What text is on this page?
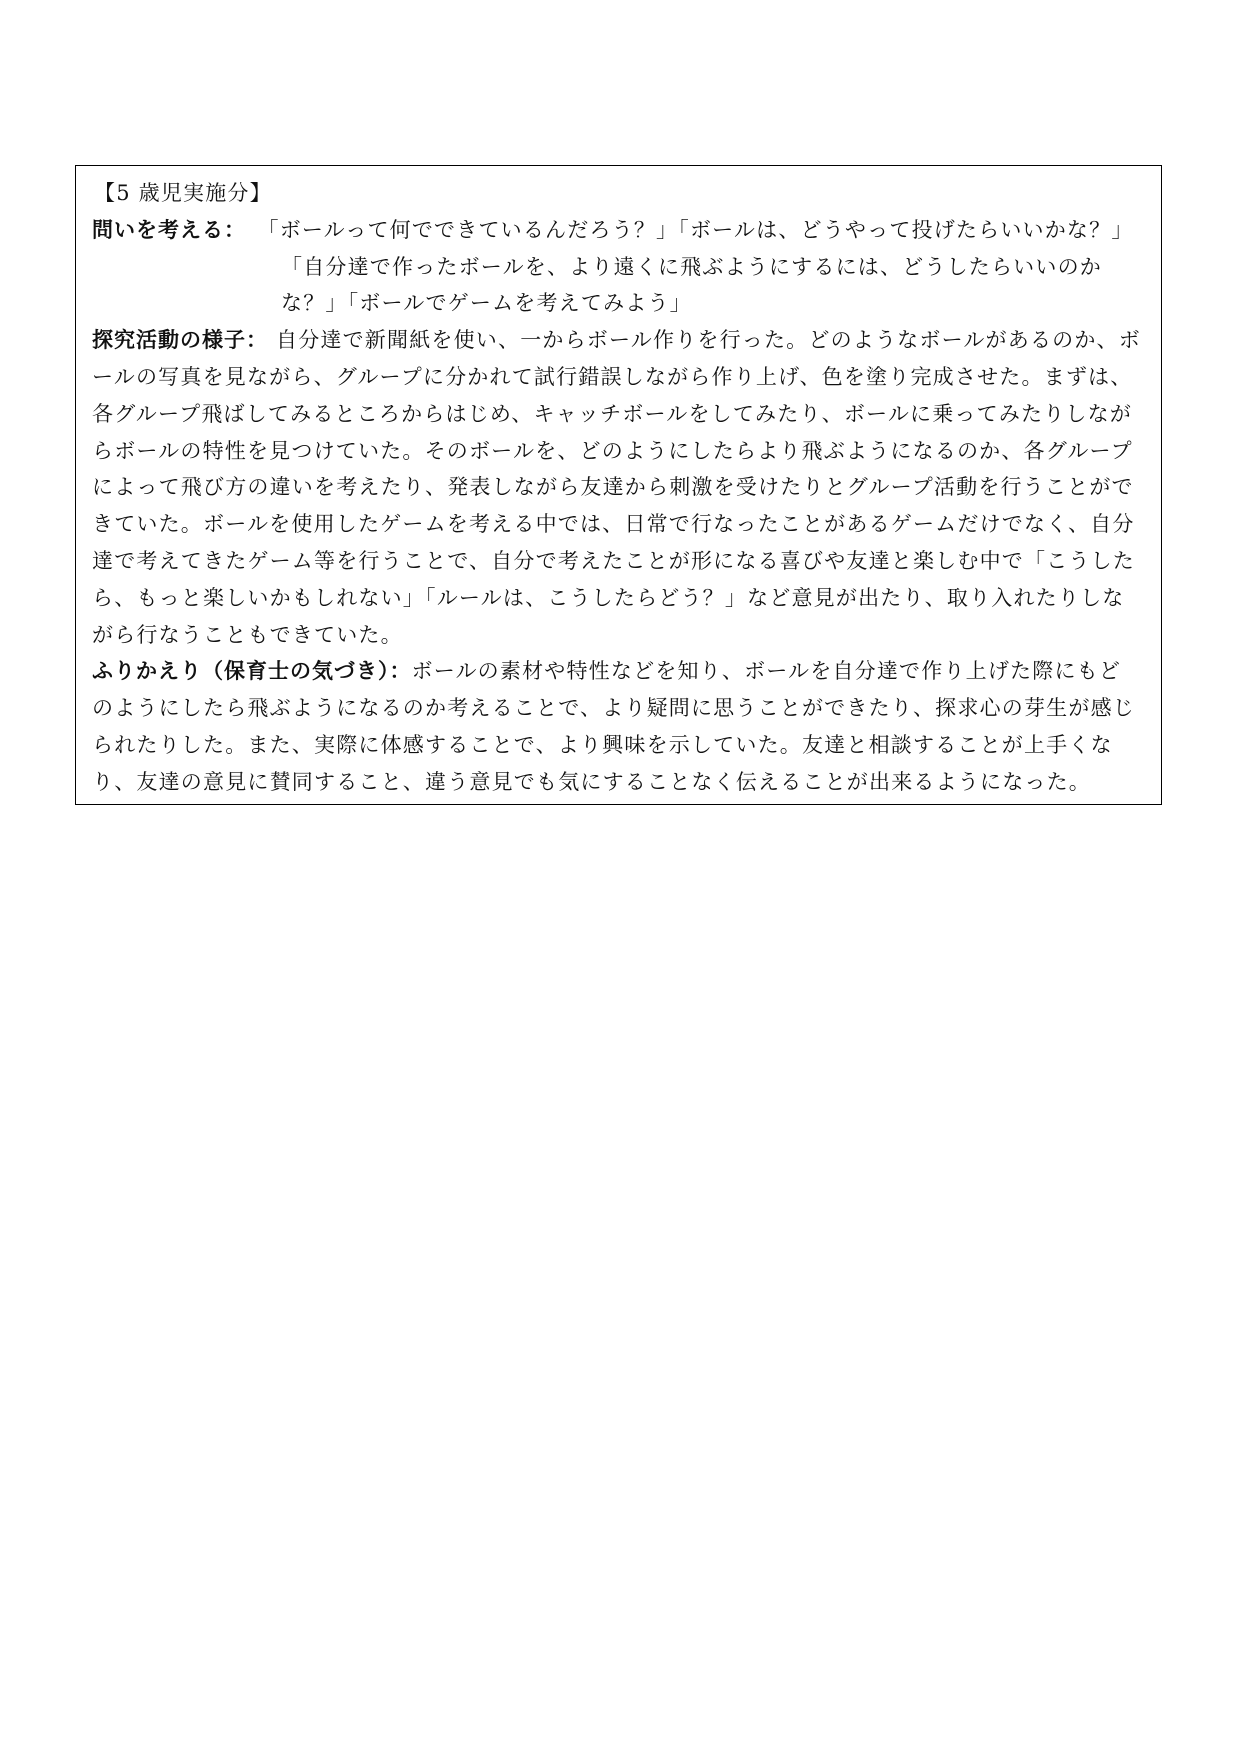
【5 歳児実施分】
問いを考える： 「ボールって何でできているんだろう？」「ボールは、どうやって投げたらいいかな？」
「自分達で作ったボールを、より遠くに飛ぶようにするには、どうしたらいいのか
な？」「ボールでゲームを考えてみよう」
探究活動の様子： 自分達で新聞紙を使い、一からボール作りを行った。どのようなボールがあるのか、ボ
ールの写真を見ながら、グループに分かれて試行錯誤しながら作り上げ、色を塗り完成させた。まずは、
各グループ飛ばしてみるところからはじめ、キャッチボールをしてみたり、ボールに乗ってみたりしなが
らボールの特性を見つけていた。そのボールを、どのようにしたらより飛ぶようになるのか、各グループ
によって飛び方の違いを考えたり、発表しながら友達から刺激を受けたりとグループ活動を行うことがで
きていた。ボールを使用したゲームを考える中では、日常で行なったことがあるゲームだけでなく、自分
達で考えてきたゲーム等を行うことで、自分で考えたことが形になる喜びや友達と楽しむ中で「こうした
ら、もっと楽しいかもしれない」「ルールは、こうしたらどう？」など意見が出たり、取り入れたりしな
がら行なうこともできていた。
ふりかえり（保育士の気づき）：ボールの素材や特性などを知り、ボールを自分達で作り上げた際にもど
のようにしたら飛ぶようになるのか考えることで、より疑問に思うことができたり、探求心の芽生が感じ
られたりした。また、実際に体感することで、より興味を示していた。友達と相談することが上手くな
り、友達の意見に賛同すること、違う意見でも気にすることなく伝えることが出来るようになった。
